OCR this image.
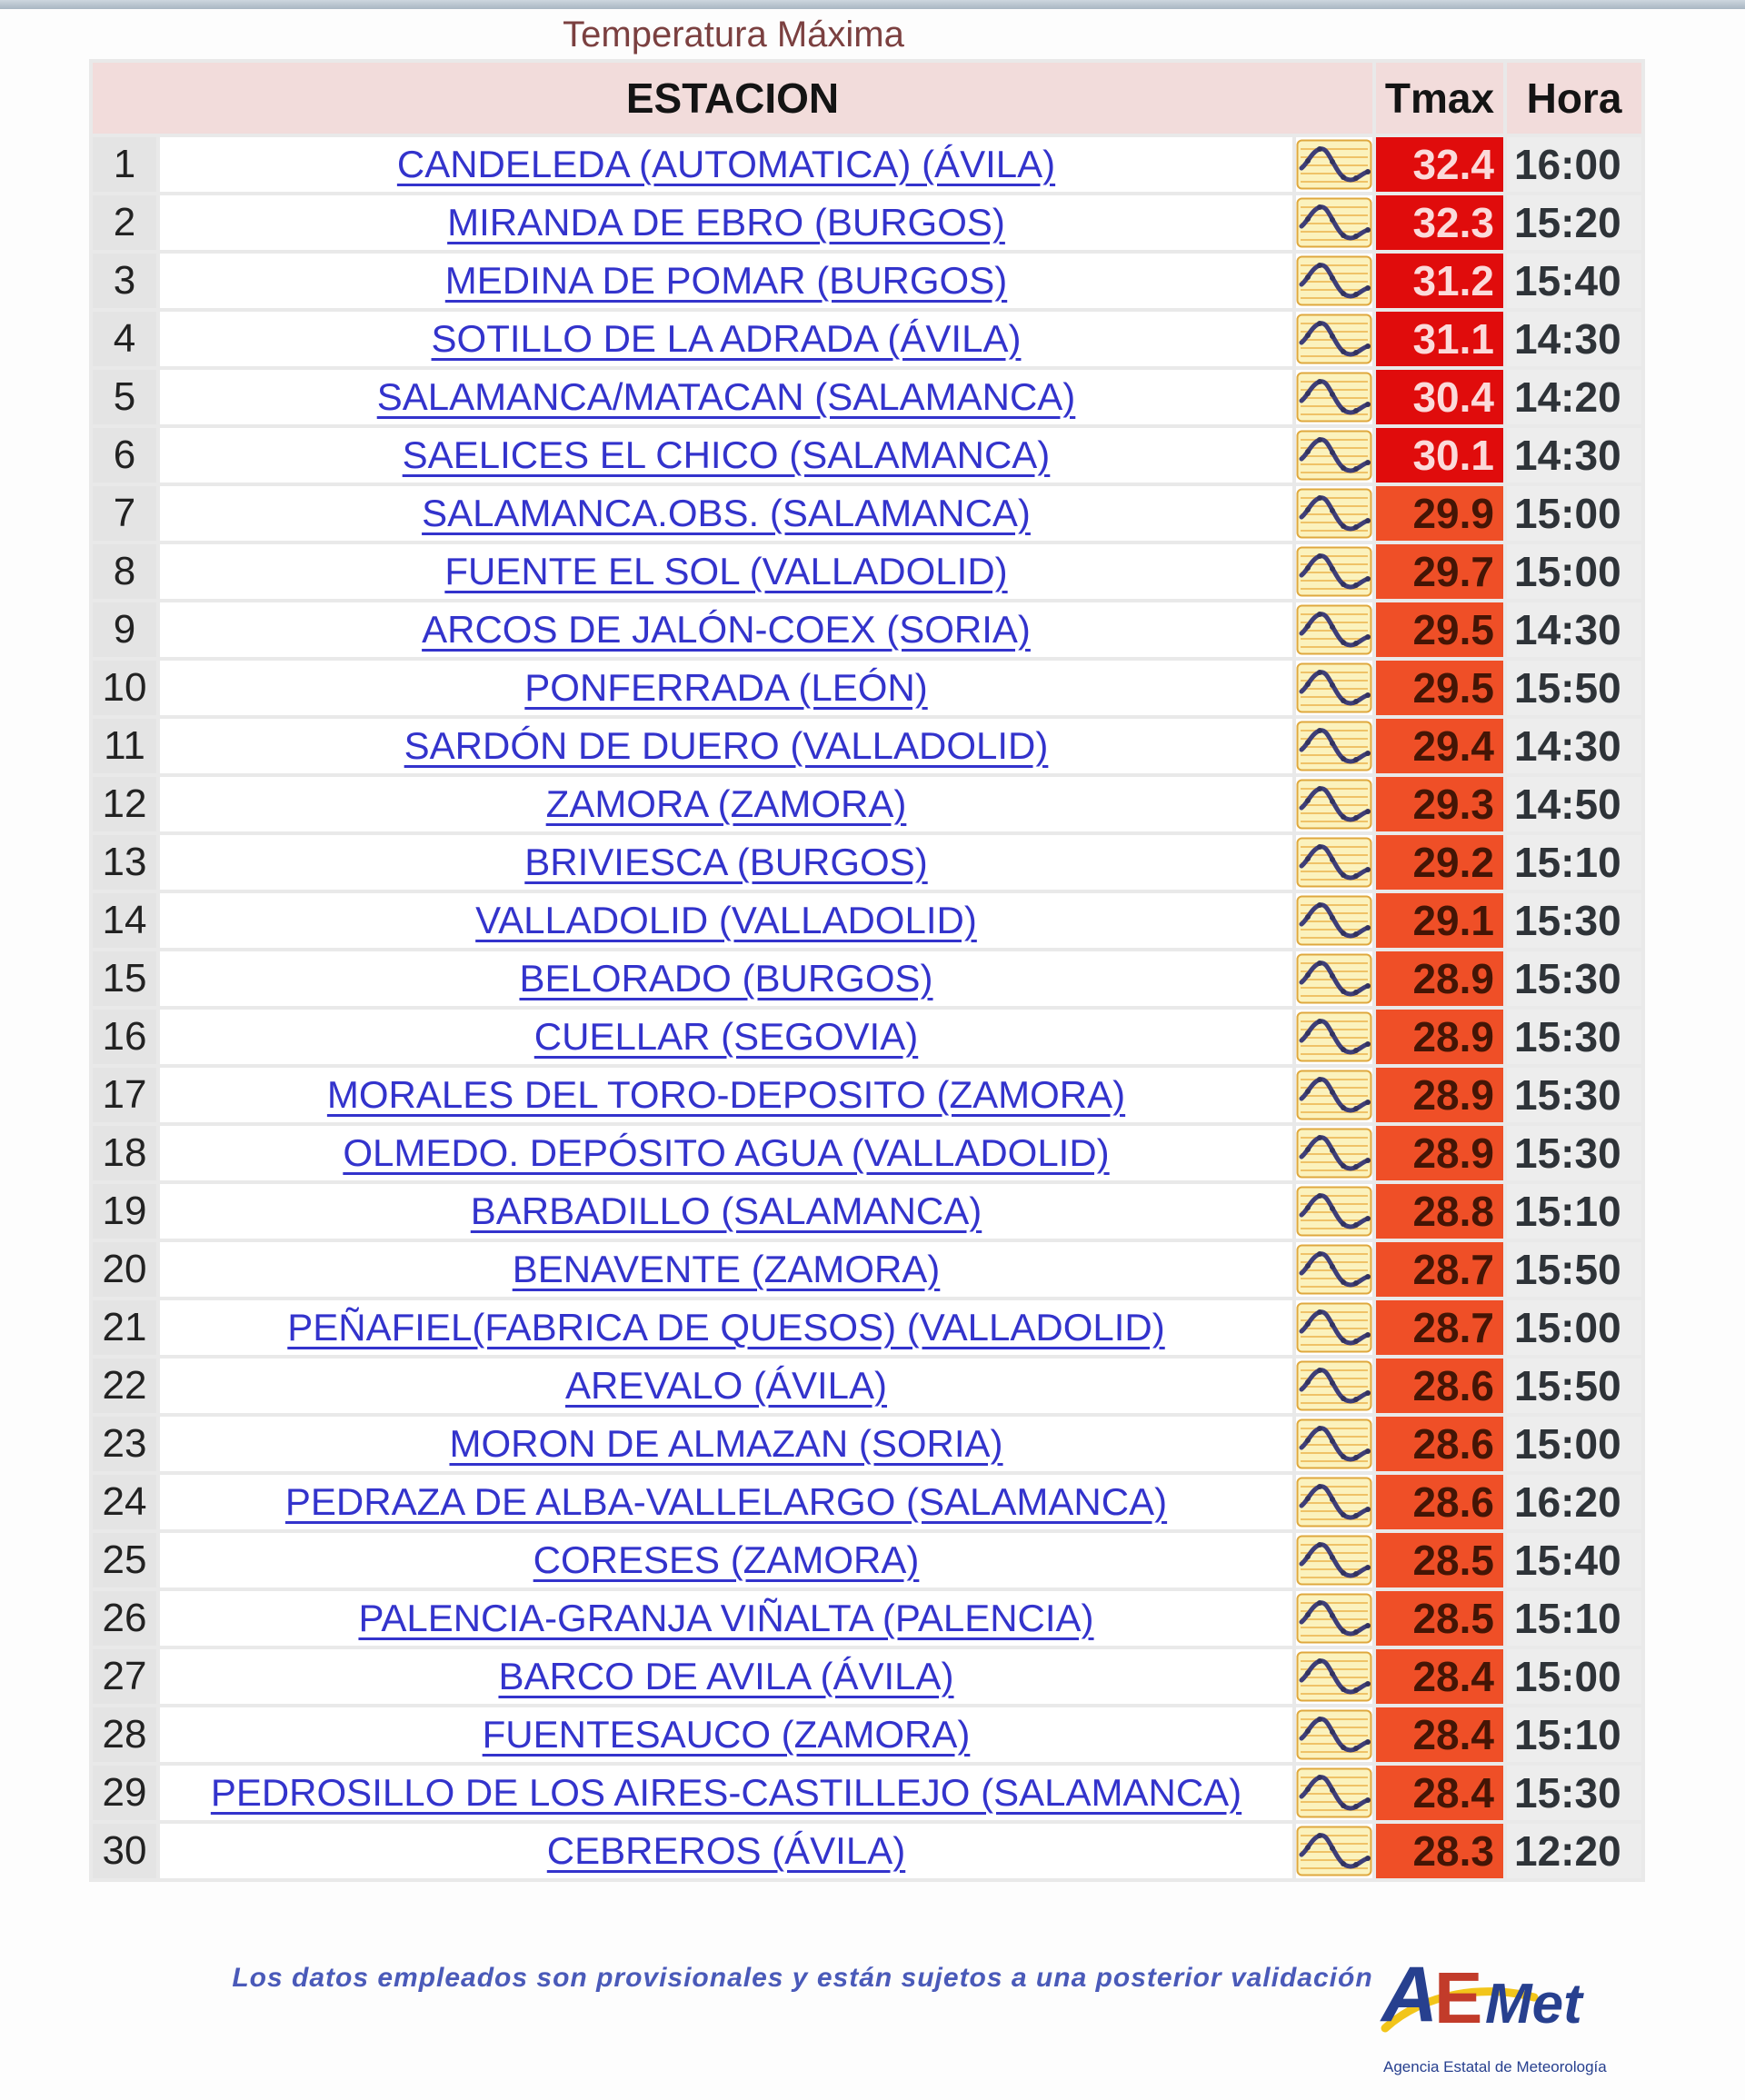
Temperatura Máxima
ESTACION			Tmax	Hora
1	CANDELEDA (AUTOMATICA) (ÁVILA)		32.4	16:00
2	MIRANDA DE EBRO (BURGOS)		32.3	15:20
3	MEDINA DE POMAR (BURGOS)		31.2	15:40
4	SOTILLO DE LA ADRADA (ÁVILA)		31.1	14:30
5	SALAMANCA/MATACAN (SALAMANCA)		30.4	14:20
6	SAELICES EL CHICO (SALAMANCA)		30.1	14:30
7	SALAMANCA.OBS. (SALAMANCA)		29.9	15:00
8	FUENTE EL SOL (VALLADOLID)		29.7	15:00
9	ARCOS DE JALÓN-COEX (SORIA)		29.5	14:30
10	PONFERRADA (LEÓN)		29.5	15:50
11	SARDÓN DE DUERO (VALLADOLID)		29.4	14:30
12	ZAMORA (ZAMORA)		29.3	14:50
13	BRIVIESCA (BURGOS)		29.2	15:10
14	VALLADOLID (VALLADOLID)		29.1	15:30
15	BELORADO (BURGOS)		28.9	15:30
16	CUELLAR (SEGOVIA)		28.9	15:30
17	MORALES DEL TORO-DEPOSITO (ZAMORA)		28.9	15:30
18	OLMEDO. DEPÓSITO AGUA (VALLADOLID)		28.9	15:30
19	BARBADILLO (SALAMANCA)		28.8	15:10
20	BENAVENTE (ZAMORA)		28.7	15:50
21	PEÑAFIEL(FABRICA DE QUESOS) (VALLADOLID)		28.7	15:00
22	AREVALO (ÁVILA)		28.6	15:50
23	MORON DE ALMAZAN (SORIA)		28.6	15:00
24	PEDRAZA DE ALBA-VALLELARGO (SALAMANCA)		28.6	16:20
25	CORESES (ZAMORA)		28.5	15:40
26	PALENCIA-GRANJA VIÑALTA (PALENCIA)		28.5	15:10
27	BARCO DE AVILA (ÁVILA)		28.4	15:00
28	FUENTESAUCO (ZAMORA)		28.4	15:10
29	PEDROSILLO DE LOS AIRES-CASTILLEJO (SALAMANCA)		28.4	15:30
30	CEBREROS (ÁVILA)		28.3	12:20
Los datos empleados son provisionales y están sujetos a una posterior validación A
E Met
Agencia Estatal de Meteorología
